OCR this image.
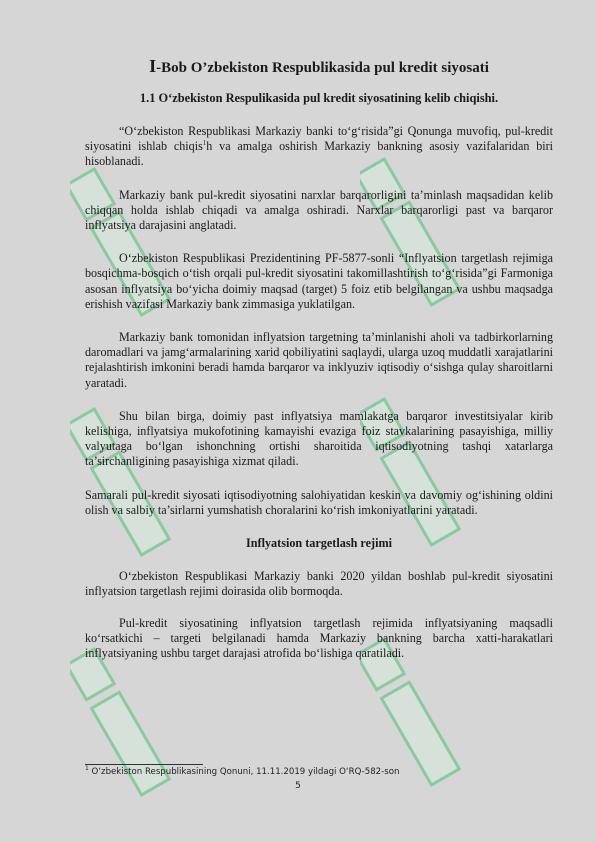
I-Bob O’zbekiston Respublikasida pul kredit siyosati
1.1 O‘zbekiston Respulikasida pul kredit siyosatining kelib chiqishi.

“O‘zbekiston Respublikasi Markaziy banki to‘g‘risida”gi Qonunga muvofiq, pul-kredit siyosatini ishlab chiqis$^1$h va amalga oshirish Markaziy bankning asosiy vazifalaridan biri hisoblanadi.

Markaziy bank pul-kredit siyosatini narxlar barqarorligini ta’minlash maqsadidan kelib chiqqan holda ishlab chiqadi va amalga oshiradi. Narxlar barqarorligi past va barqaror inflyatsiya darajasini anglatadi.

O‘zbekiston Respublikasi Prezidentining PF-5877-sonli “Inflyatsion targetlash rejimiga bosqichma-bosqich o‘tish orqali pul-kredit siyosatini takomillashtirish to‘g‘risida”gi Farmoniga asosan inflyatsiya bo‘yicha doimiy maqsad (target) 5 foiz etib belgilangan va ushbu maqsadga erishish vazifasi Markaziy bank zimmasiga yuklatilgan.

Markaziy bank tomonidan inflyatsion targetning ta’minlanishi aholi va tadbirkorlarning daromadlari va jamg‘armalarining xarid qobiliyatini saqlaydi, ularga uzoq muddatli xarajatlarini rejalashtirish imkonini beradi hamda barqaror va inklyuziv iqtisodiy o‘sishga qulay sharoitlarni yaratadi.

Shu bilan birga, doimiy past inflyatsiya mamlakatga barqaror investitsiyalar kirib kelishiga, inflyatsiya mukofotining kamayishi evaziga foiz stavkalarining pasayishiga, milliy valyutaga bo‘lgan ishonchning ortishi sharoitida iqtisodiyotning tashqi xatarlarga ta’sirchanligining pasayishiga xizmat qiladi.

Samarali pul-kredit siyosati iqtisodiyotning salohiyatidan keskin va davomiy og‘ishining oldini olish va salbiy ta’sirlarni yumshatish choralarini ko‘rish imkoniyatlarini yaratadi.

Inflyatsion targetlash rejimi

O‘zbekiston Respublikasi Markaziy banki 2020 yildan boshlab pul-kredit siyosatini inflyatsion targetlash rejimi doirasida olib bormoqda.

Pul-kredit siyosatining inflyatsion targetlash rejimida inflyatsiyaning maqsadli ko‘rsatkichi – targeti belgilanadi hamda Markaziy bankning barcha xatti-harakatlari inflyatsiyaning ushbu target darajasi atrofida bo‘lishiga qaratiladi.

$^1$ O‘zbekiston Respublikasining Qonuni, 11.11.2019 yildagi O‘RQ-582-son
5
